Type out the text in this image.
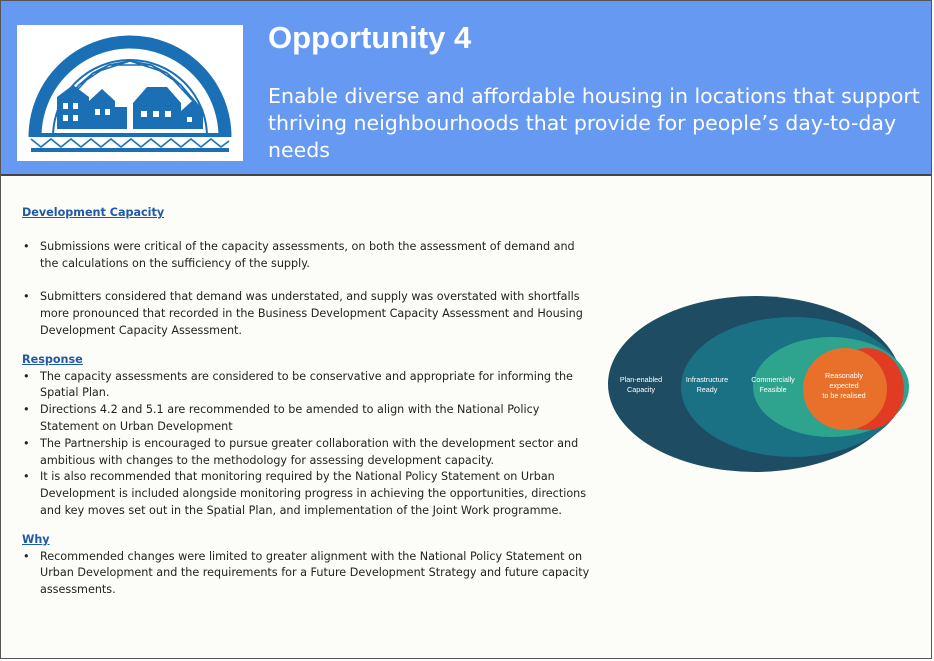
Opportunity 4
Enable diverse and affordable housing in locations that support thriving neighbourhoods that provide for people’s day-to-day needs
Development Capacity
• Submissions were critical of the capacity assessments, on both the assessment of demand and the calculations on the sufficiency of the supply.
• Submitters considered that demand was understated, and supply was overstated with shortfalls more pronounced that recorded in the Business Development Capacity Assessment and Housing Development Capacity Assessment.
Response
• The capacity assessments are considered to be conservative and appropriate for informing the Spatial Plan.
• Directions 4.2 and 5.1 are recommended to be amended to align with the National Policy Statement on Urban Development
• The Partnership is encouraged to pursue greater collaboration with the development sector and ambitious with changes to the methodology for assessing development capacity.
• It is also recommended that monitoring required by the National Policy Statement on Urban Development is included alongside monitoring progress in achieving the opportunities, directions and key moves set out in the Spatial Plan, and implementation of the Joint Work programme.
Why
• Recommended changes were limited to greater alignment with the National Policy Statement on Urban Development and the requirements for a Future Development Strategy and future capacity assessments.
Plan-enabled
Capacity
Infrastructure
Ready
Commercially
Feasible
Reasonably
expected
to be realised
